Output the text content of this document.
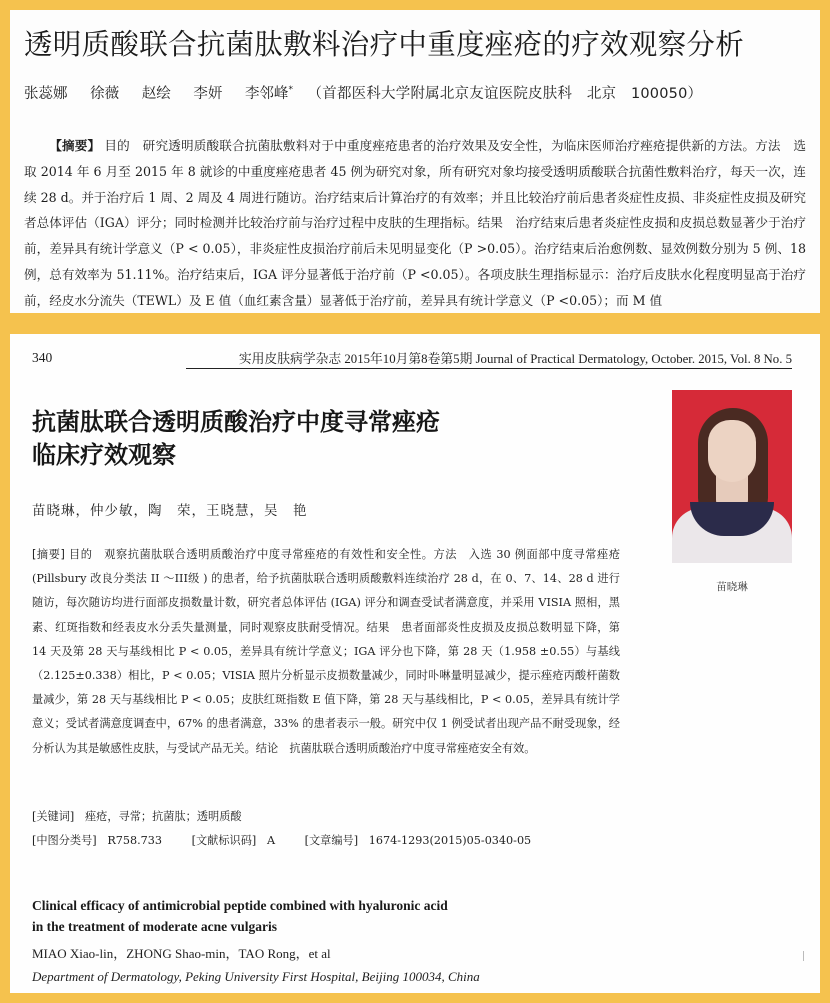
透明质酸联合抗菌肽敷料治疗中重度痤疮的疗效观察分析
张蕊娜 徐薇 赵绘 李妍 李邻峰* （首都医科大学附属北京友谊医院皮肤科　北京　100050）
【摘要】 目的　研究透明质酸联合抗菌肽敷料对于中重度痤疮患者的治疗效果及安全性，为临床医师治疗痤疮提供新的方法。方法　选取 2014 年 6 月至 2015 年 8 就诊的中重度痤疮患者 45 例为研究对象，所有研究对象均接受透明质酸联合抗菌性敷料治疗，每天一次，连续 28 d。并于治疗后 1 周、2 周及 4 周进行随访。治疗结束后计算治疗的有效率；并且比较治疗前后患者炎症性皮损、非炎症性皮损及研究者总体评估（IGA）评分；同时检测并比较治疗前与治疗过程中皮肤的生理指标。结果　治疗结束后患者炎症性皮损和皮损总数显著少于治疗前，差异具有统计学意义（P < 0.05），非炎症性皮损治疗前后未见明显变化（P >0.05）。治疗结束后治愈例数、显效例数分别为 5 例、18 例，总有效率为 51.11%。治疗结束后，IGA 评分显著低于治疗前（P <0.05）。各项皮肤生理指标显示：治疗后皮肤水化程度明显高于治疗前，经皮水分流失（TEWL）及 E 值（血红素含量）显著低于治疗前，差异具有统计学意义（P <0.05）；而 M 值
340	实用皮肤病学杂志 2015年10月第8卷第5期 Journal of Practical Dermatology, October. 2015, Vol. 8 No. 5
抗菌肽联合透明质酸治疗中度寻常痤疮
临床疗效观察
苗晓琳，仲少敏，陶　荣，王晓慧，吴　艳
苗晓琳
[摘要] 目的　观察抗菌肽联合透明质酸治疗中度寻常痤疮的有效性和安全性。方法　入选 30 例面部中度寻常痤疮 (Pillsbury 改良分类法 II ～III级 ) 的患者，给予抗菌肽联合透明质酸敷料连续治疗 28 d，在 0、7、14、28 d 进行随访，每次随访均进行面部皮损数量计数，研究者总体评估 (IGA) 评分和调查受试者满意度，并采用 VISIA 照相，黑素、红斑指数和经表皮水分丢失量测量，同时观察皮肤耐受情况。结果　患者面部炎性皮损及皮损总数明显下降，第 14 天及第 28 天与基线相比 P < 0.05，差异具有统计学意义；IGA 评分也下降，第 28 天（1.958 ±0.55）与基线（2.125±0.338）相比，P < 0.05；VISIA 照片分析显示皮损数量减少，同时卟啉量明显减少，提示痤疮丙酸杆菌数量减少，第 28 天与基线相比 P < 0.05；皮肤红斑指数 E 值下降，第 28 天与基线相比，P < 0.05，差异具有统计学意义；受试者满意度调查中，67% 的患者满意，33% 的患者表示一般。研究中仅 1 例受试者出现产品不耐受现象，经分析认为其是敏感性皮肤，与受试产品无关。结论　抗菌肽联合透明质酸治疗中度寻常痤疮安全有效。
[关键词] 痤疮，寻常；抗菌肽；透明质酸
[中图分类号] R758.733	[文献标识码] A	[文章编号] 1674-1293(2015)05-0340-05
Clinical efficacy of antimicrobial peptide combined with hyaluronic acid
in the treatment of moderate acne vulgaris
MIAO Xiao-lin，ZHONG Shao-min，TAO Rong，et al
Department of Dermatology, Peking University First Hospital, Beijing 100034, China
